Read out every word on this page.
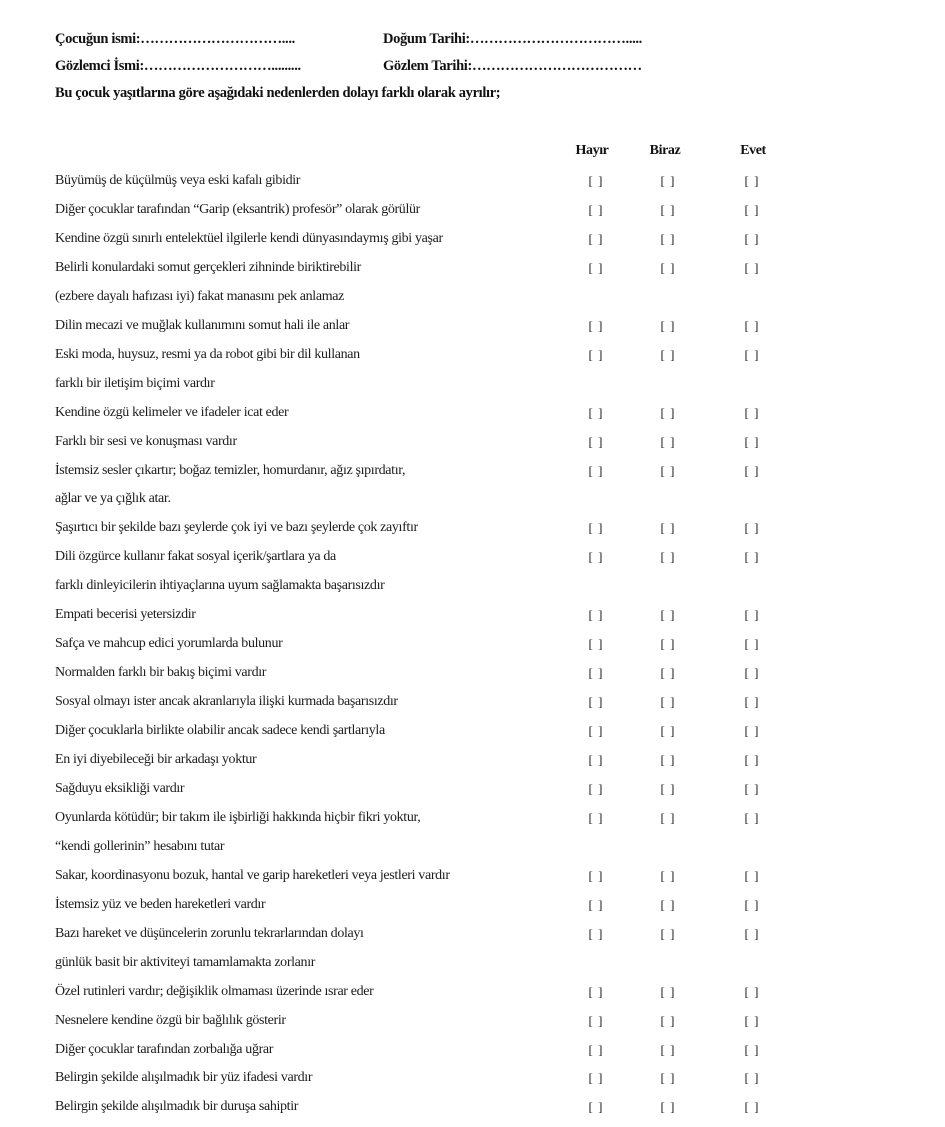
Çocuğun ismi:…………………………....	Doğum Tarihi:…………………………….....
Gözlemci İsmi:……………………….........	Gözlem Tarihi:………………………………
Bu çocuk yaşıtlarına göre aşağıdaki nedenlerden dolayı farklı olarak ayrılır;
Hayır	Biraz	Evet
Büyümüş de küçülmüş veya eski kafalı gibidir	[ ]	[ ]	[ ]
Diğer çocuklar tarafından “Garip (eksantrik) profesör” olarak görülür	[ ]	[ ]	[ ]
Kendine özgü sınırlı entelektüel ilgilerle kendi dünyasındaymış gibi yaşar	[ ]	[ ]	[ ]
Belirli konulardaki somut gerçekleri zihninde biriktirebilir	[ ]	[ ]	[ ]
(ezbere dayalı hafızası iyi) fakat manasını pek anlamaz
Dilin mecazi ve muğlak kullanımını somut hali ile anlar	[ ]	[ ]	[ ]
Eski moda, huysuz, resmi ya da robot gibi bir dil kullanan	[ ]	[ ]	[ ]
farklı bir iletişim biçimi vardır
Kendine özgü kelimeler ve ifadeler icat eder	[ ]	[ ]	[ ]
Farklı bir sesi ve konuşması vardır	[ ]	[ ]	[ ]
İstemsiz sesler çıkartır; boğaz temizler, homurdanır, ağız şıpırdatır,	[ ]	[ ]	[ ]
ağlar ve ya çığlık atar.
Şaşırtıcı bir şekilde bazı şeylerde çok iyi ve bazı şeylerde çok zayıftır	[ ]	[ ]	[ ]
Dili özgürce kullanır fakat sosyal içerik/şartlara ya da	[ ]	[ ]	[ ]
farklı dinleyicilerin ihtiyaçlarına uyum sağlamakta başarısızdır
Empati becerisi yetersizdir	[ ]	[ ]	[ ]
Safça ve mahcup edici yorumlarda bulunur	[ ]	[ ]	[ ]
Normalden farklı bir bakış biçimi vardır	[ ]	[ ]	[ ]
Sosyal olmayı ister ancak akranlarıyla ilişki kurmada başarısızdır	[ ]	[ ]	[ ]
Diğer çocuklarla birlikte olabilir ancak sadece kendi şartlarıyla	[ ]	[ ]	[ ]
En iyi diyebileceği bir arkadaşı yoktur	[ ]	[ ]	[ ]
Sağduyu eksikliği vardır	[ ]	[ ]	[ ]
Oyunlarda kötüdür; bir takım ile işbirliği hakkında hiçbir fikri yoktur,	[ ]	[ ]	[ ]
“kendi gollerinin” hesabını tutar
Sakar, koordinasyonu bozuk, hantal ve garip hareketleri veya jestleri vardır	[ ]	[ ]	[ ]
İstemsiz yüz ve beden hareketleri vardır	[ ]	[ ]	[ ]
Bazı hareket ve düşüncelerin zorunlu tekrarlarından dolayı	[ ]	[ ]	[ ]
günlük basit bir aktiviteyi tamamlamakta zorlanır
Özel rutinleri vardır; değişiklik olmaması üzerinde ısrar eder	[ ]	[ ]	[ ]
Nesnelere kendine özgü bir bağlılık gösterir	[ ]	[ ]	[ ]
Diğer çocuklar tarafından zorbalığa uğrar	[ ]	[ ]	[ ]
Belirgin şekilde alışılmadık bir yüz ifadesi vardır	[ ]	[ ]	[ ]
Belirgin şekilde alışılmadık bir duruşa sahiptir	[ ]	[ ]	[ ]
